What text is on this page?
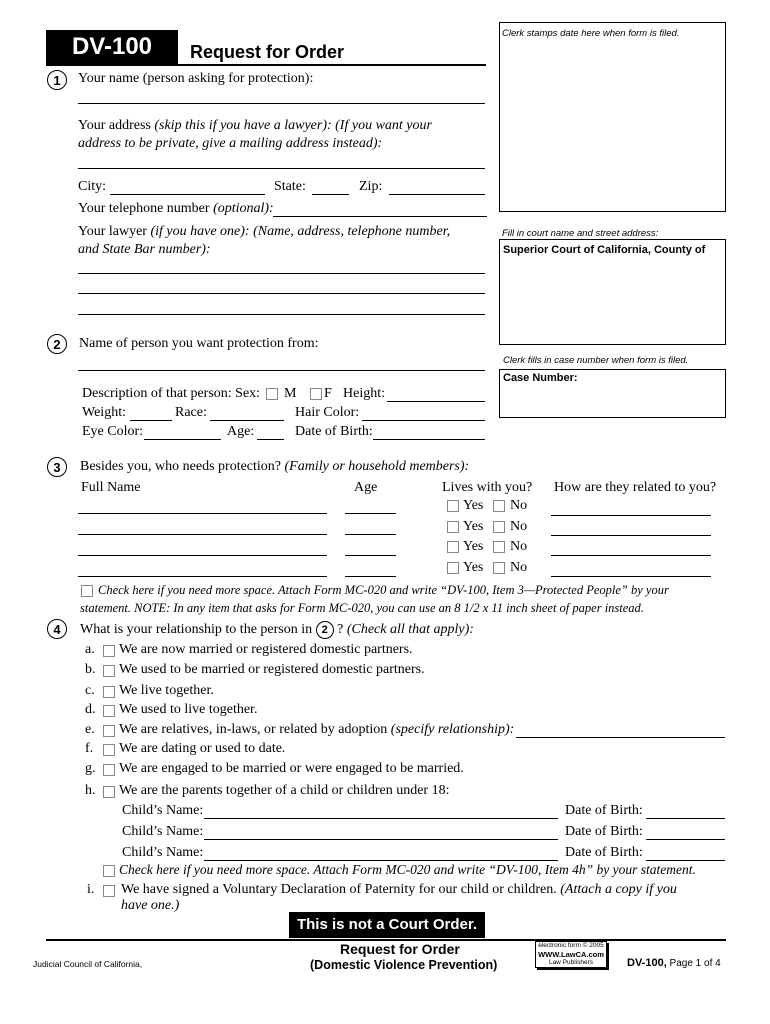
DV-100	Request for Order
Clerk stamps date here when form is filed.
Fill in court name and street address:
Superior Court of California, County of
Clerk fills in case number when form is filed.
Case Number:
1	Your name (person asking for protection):
Your address (skip this if you have a lawyer): (If you want your
address to be private, give a mailing address instead):
City:	State:	Zip:
Your telephone number (optional):
Your lawyer (if you have one): (Name, address, telephone number,
and State Bar number):
2	Name of person you want protection from:
Description of that person: Sex: M F Height:
Weight:	Race:	Hair Color:
Eye Color:	Age:	Date of Birth:
3	Besides you, who needs protection? (Family or household members):
Full Name	Age	Lives with you? How are they related to you?
Yes No
Yes No
Yes No
Yes No
Check here if you need more space. Attach Form MC-020 and write “DV-100, Item 3—Protected People” by your
statement. NOTE: In any item that asks for Form MC-020, you can use an 8 1/2 x 11 inch sheet of paper instead.
4	What is your relationship to the person in 2 ? (Check all that apply):
a. We are now married or registered domestic partners.
b. We used to be married or registered domestic partners.
c. We live together.
d. We used to live together.
e. We are relatives, in-laws, or related by adoption (specify relationship):
f. We are dating or used to date.
g. We are engaged to be married or were engaged to be married.
h. We are the parents together of a child or children under 18:
Child’s Name:	Date of Birth:
Child’s Name:	Date of Birth:
Child’s Name:	Date of Birth:
Check here if you need more space. Attach Form MC-020 and write “DV-100, Item 4h” by your statement.
i. We have signed a Voluntary Declaration of Paternity for our child or children. (Attach a copy if you
have one.)
This is not a Court Order.
Judicial Council of California,
Request for Order
(Domestic Violence Prevention)
electronic form © 2005
WWW.LawCA.com
Law Publishers	DV-100, Page 1 of 4
